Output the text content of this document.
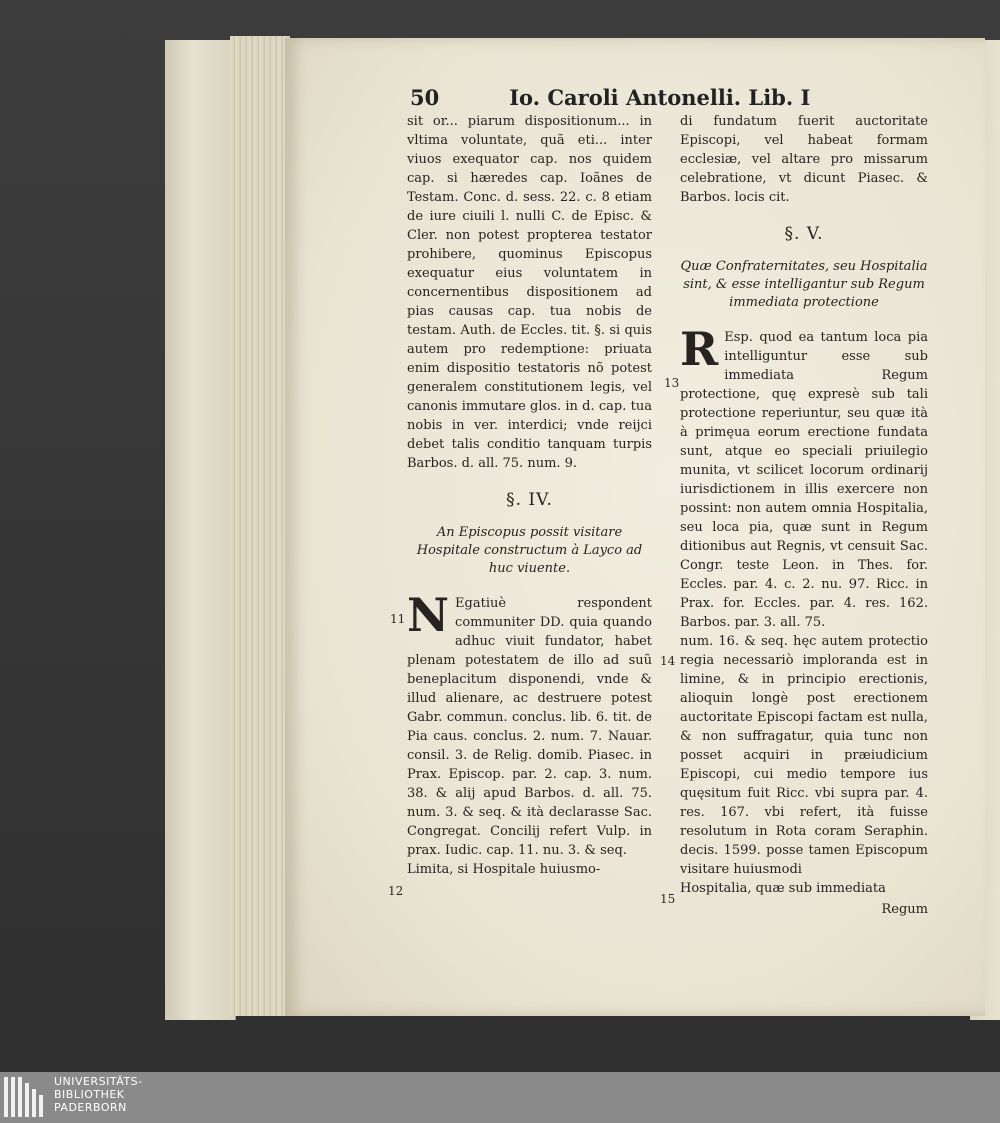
50	Io. Caroli Antonelli. Lib. I

sit or... piarum dispositionum... in vltima voluntate, quã eti... inter viuos exequator cap. nos quidem cap. si hæredes cap. Ioãnes de Testam. Conc. d. sess. 22. c. 8 etiam de iure ciuili l. nulli C. de Episc. & Cler. non potest propterea testator prohibere, quominus Episcopus exequatur eius voluntatem in concernentibus dispositionem ad pias causas cap. tua nobis de testam. Auth. de Eccles. tit. §. si quis autem pro redemptione: priuata enim dispositio testatoris nõ potest generalem constitutionem legis, vel canonis immutare glos. in d. cap. tua nobis in ver. interdici; vnde reijci debet talis conditio tanquam turpis Barbos. d. all. 75. num. 9.

§. IV.
An Episcopus possit visitare Hospitale constructum à Layco ad huc viuente.

N Egatiuè respondent communiter DD. quia quando adhuc viuit fundator, habet plenam potestatem de illo ad suũ beneplacitum disponendi, vnde & illud alienare, ac destruere potest Gabr. commun. conclus. lib. 6. tit. de Pia caus. conclus. 2. num. 7. Nauar. consil. 3. de Relig. domib. Piasec. in Prax. Episcop. par. 2. cap. 3. num. 38. & alij apud Barbos. d. all. 75. num. 3. & seq. & ità declarasse Sac. Congregat. Concilij refert Vulp. in prax. Iudic. cap. 11. nu. 3. & seq.

Limita, si Hospitale huiusmo-

11
12

di fundatum fuerit auctoritate Episcopi, vel habeat formam ecclesiæ, vel altare pro missarum celebratione, vt dicunt Piasec. & Barbos. locis cit.

§. V.
Quæ Confraternitates, seu Hospitalia sint, & esse intelligantur sub Regum immediata protectione

R Esp. quod ea tantum loca pia intelliguntur esse sub immediata Regum protectione, quę expresè sub tali protectione reperiuntur, seu quæ ità à primęua eorum erectione fundata sunt, atque eo speciali priuilegio munita, vt scilicet locorum ordinarij iurisdictionem in illis exercere non possint: non autem omnia Hospitalia, seu loca pia, quæ sunt in Regum ditionibus aut Regnis, vt censuit Sac. Congr. teste Leon. in Thes. for. Eccles. par. 4. c. 2. nu. 97. Ricc. in Prax. for. Eccles. par. 4. res. 162. Barbos. par. 3. all. 75.

num. 16. & seq. hęc autem protectio regia necessariò imploranda est in limine, & in principio erectionis, alioquin longè post erectionem auctoritate Episcopi factam est nulla, & non suffragatur, quia tunc non posset acquiri in præiudicium Episcopi, cui medio tempore ius quęsitum fuit Ricc. vbi supra par. 4. res. 167. vbi refert, ità fuisse resolutum in Rota coram Seraphin. decis. 1599. posse tamen Episcopum visitare huiusmodi

Hospitalia, quæ sub immediata

Regum
13
14
15
UNIVERSITÄTS-
BIBLIOTHEK
PADERBORN
